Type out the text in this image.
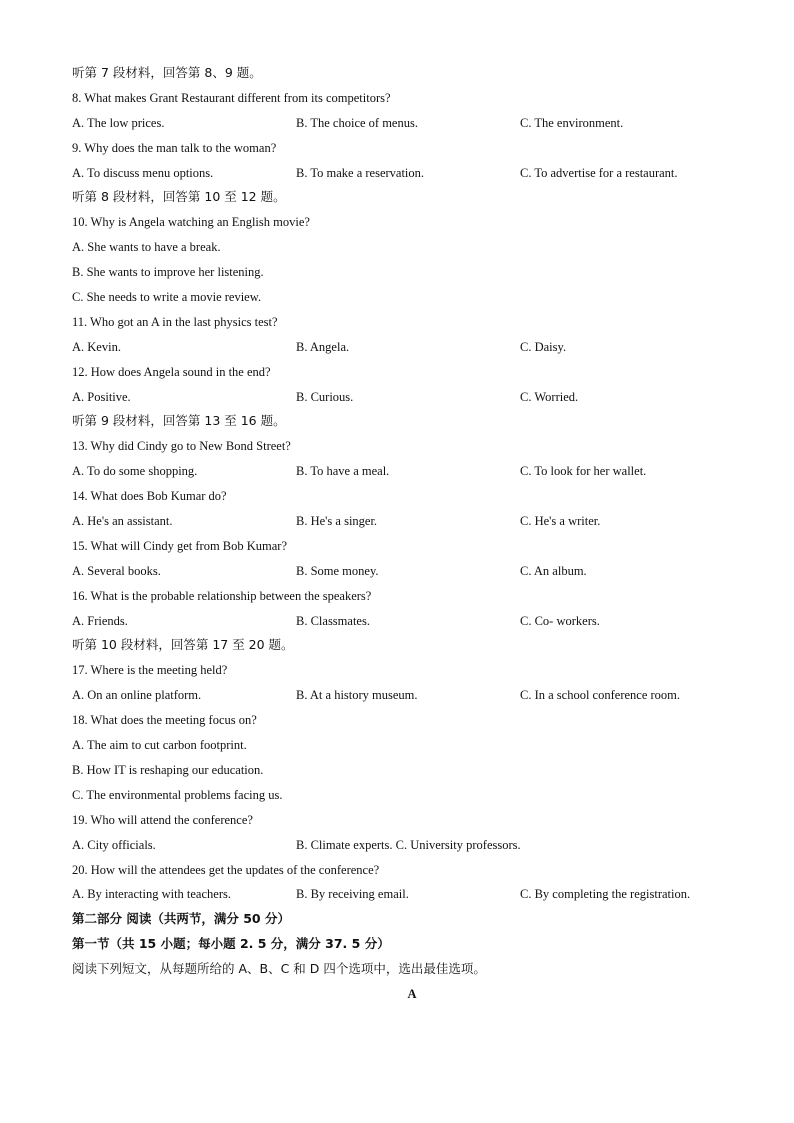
听第 7 段材料，回答第 8、9 题。
8. What makes Grant Restaurant different from its competitors?
A. The low prices.	B. The choice of menus.	C. The environment.
9. Why does the man talk to the woman?
A. To discuss menu options.	B. To make a reservation.	C. To advertise for a restaurant.
听第 8 段材料，回答第 10 至 12 题。
10. Why is Angela watching an English movie?
A. She wants to have a break.
B. She wants to improve her listening.
C. She needs to write a movie review.
11. Who got an A in the last physics test?
A. Kevin.	B. Angela.	C. Daisy.
12. How does Angela sound in the end?
A. Positive.	B. Curious.	C. Worried.
听第 9 段材料，回答第 13 至 16 题。
13. Why did Cindy go to New Bond Street?
A. To do some shopping.	B. To have a meal.	C. To look for her wallet.
14. What does Bob Kumar do?
A. He's an assistant.	B. He's a singer.	C. He's a writer.
15. What will Cindy get from Bob Kumar?
A. Several books.	B. Some money.	C. An album.
16. What is the probable relationship between the speakers?
A. Friends.	B. Classmates.	C. Co- workers.
听第 10 段材料，回答第 17 至 20 题。
17. Where is the meeting held?
A. On an online platform.	B. At a history museum.	C. In a school conference room.
18. What does the meeting focus on?
A. The aim to cut carbon footprint.
B. How IT is reshaping our education.
C. The environmental problems facing us.
19. Who will attend the conference?
A. City officials.	B. Climate experts. C. University professors.
20. How will the attendees get the updates of the conference?
A. By interacting with teachers.	B. By receiving email.	C. By completing the registration.
第二部分 阅读（共两节，满分 50 分）
第一节（共 15 小题；每小题 2. 5 分，满分 37. 5 分）
阅读下列短文，从每题所给的 A、B、C 和 D 四个选项中，选出最佳选项。
A
